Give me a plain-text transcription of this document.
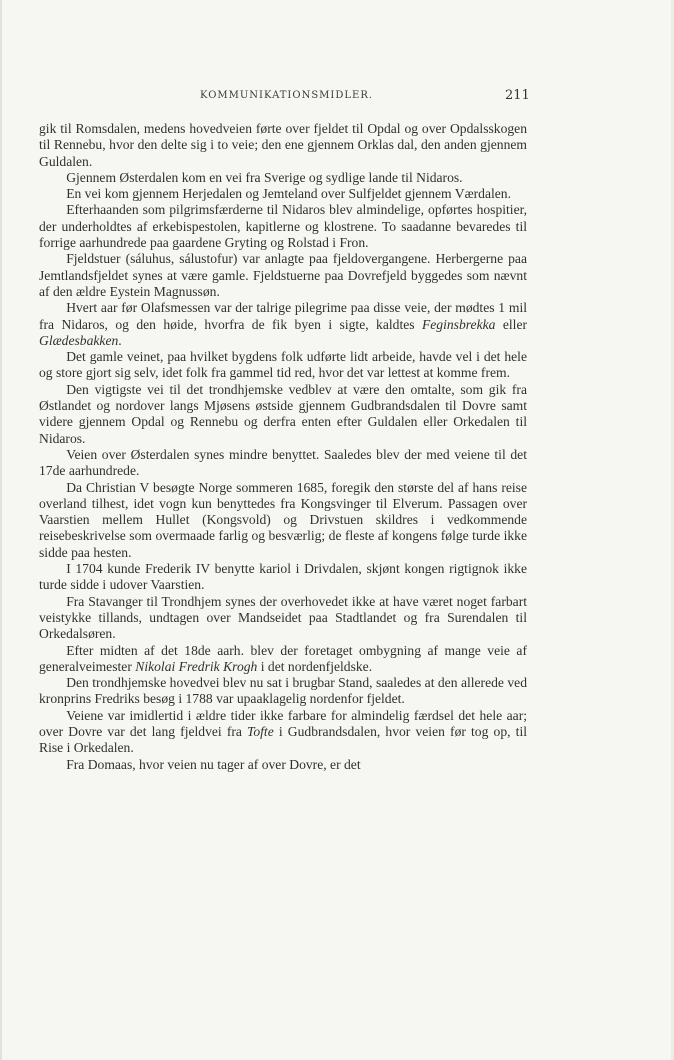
KOMMUNIKATIONSMIDLER.	211

gik til Romsdalen, medens hovedveien førte over fjeldet til Opdal og over Opdalsskogen til Rennebu, hvor den delte sig i to veie; den ene gjennem Orklas dal, den anden gjennem Guldalen.

Gjennem Østerdalen kom en vei fra Sverige og sydlige lande til Nidaros.

En vei kom gjennem Herjedalen og Jemteland over Sulfjeldet gjennem Værdalen.

Efterhaanden som pilgrimsfærderne til Nidaros blev almindelige, opførtes hospitier, der underholdtes af erkebispestolen, kapitlerne og klostrene. To saadanne bevaredes til forrige aarhundrede paa gaardene Gryting og Rolstad i Fron.

Fjeldstuer (sáluhus, sálustofur) var anlagte paa fjeldovergangene. Herbergerne paa Jemtlandsfjeldet synes at være gamle. Fjeldstuerne paa Dovrefjeld byggedes som nævnt af den ældre Eystein Magnussøn.

Hvert aar før Olafsmessen var der talrige pilegrime paa disse veie, der mødtes 1 mil fra Nidaros, og den høide, hvorfra de fik byen i sigte, kaldtes Feginsbrekka eller Glædesbakken.

Det gamle veinet, paa hvilket bygdens folk udførte lidt arbeide, havde vel i det hele og store gjort sig selv, idet folk fra gammel tid red, hvor det var lettest at komme frem.

Den vigtigste vei til det trondhjemske vedblev at være den omtalte, som gik fra Østlandet og nordover langs Mjøsens østside gjennem Gudbrandsdalen til Dovre samt videre gjennem Opdal og Rennebu og derfra enten efter Guldalen eller Orkedalen til Nidaros.

Veien over Østerdalen synes mindre benyttet. Saaledes blev der med veiene til det 17de aarhundrede.

Da Christian V besøgte Norge sommeren 1685, foregik den største del af hans reise overland tilhest, idet vogn kun benyttedes fra Kongsvinger til Elverum. Passagen over Vaarstien mellem Hullet (Kongsvold) og Drivstuen skildres i vedkommende reisebeskrivelse som overmaade farlig og besværlig; de fleste af kongens følge turde ikke sidde paa hesten.

I 1704 kunde Frederik IV benytte kariol i Drivdalen, skjønt kongen rigtignok ikke turde sidde i udover Vaarstien.

Fra Stavanger til Trondhjem synes der overhovedet ikke at have været noget farbart veistykke tillands, undtagen over Mandseidet paa Stadtlandet og fra Surendalen til Orkedalsøren.

Efter midten af det 18de aarh. blev der foretaget ombygning af mange veie af generalveimester Nikolai Fredrik Krogh i det nordenfjeldske.

Den trondhjemske hovedvei blev nu sat i brugbar Stand, saaledes at den allerede ved kronprins Fredriks besøg i 1788 var upaaklagelig nordenfor fjeldet.

Veiene var imidlertid i ældre tider ikke farbare for almindelig færdsel det hele aar; over Dovre var det lang fjeldvei fra Tofte i Gudbrandsdalen, hvor veien før tog op, til Rise i Orkedalen.

Fra Domaas, hvor veien nu tager af over Dovre, er det
